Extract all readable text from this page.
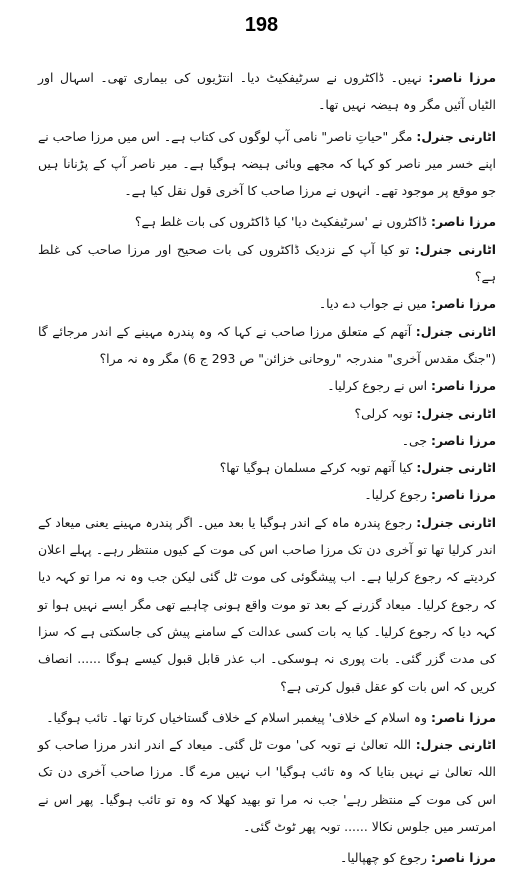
198

مرزا ناصر: نہیں۔ ڈاکٹروں نے سرٹیفکیٹ دیا۔ انتڑیوں کی بیماری تھی۔ اسہال اور الٹیاں آئیں مگر وہ ہیضہ نہیں تھا۔

اٹارنی جنرل: مگر "حیاتِ ناصر" نامی آپ لوگوں کی کتاب ہے۔ اس میں مرزا صاحب نے اپنے خسر میر ناصر کو کہا کہ مجھے وبائی ہیضہ ہوگیا ہے۔ میر ناصر آپ کے پڑنانا ہیں جو موقع پر موجود تھے۔ انہوں نے مرزا صاحب کا آخری قول نقل کیا ہے۔

مرزا ناصر: ڈاکٹروں نے 'سرٹیفکیٹ دیا' کیا ڈاکٹروں کی بات غلط ہے؟

اٹارنی جنرل: تو کیا آپ کے نزدیک ڈاکٹروں کی بات صحیح اور مرزا صاحب کی غلط ہے؟

مرزا ناصر: میں نے جواب دے دیا۔

اٹارنی جنرل: آتھم کے متعلق مرزا صاحب نے کہا کہ وہ پندرہ مہینے کے اندر مرجائے گا ("جنگ مقدس آخری" مندرجہ "روحانی خزائن" ص 293 ج 6) مگر وہ نہ مرا؟

مرزا ناصر: اس نے رجوع کرلیا۔

اٹارنی جنرل: توبہ کرلی؟

مرزا ناصر: جی۔

اٹارنی جنرل: کیا آتھم توبہ کرکے مسلمان ہوگیا تھا؟

مرزا ناصر: رجوع کرلیا۔

اٹارنی جنرل: رجوع پندرہ ماہ کے اندر ہوگیا یا بعد میں۔ اگر پندرہ مہینے یعنی میعاد کے اندر کرلیا تھا تو آخری دن تک مرزا صاحب اس کی موت کے کیوں منتظر رہے۔ پہلے اعلان کردیتے کہ رجوع کرلیا ہے۔ اب پیشگوئی کی موت ٹل گئی لیکن جب وہ نہ مرا تو کہہ دیا کہ رجوع کرلیا۔ میعاد گزرنے کے بعد تو موت واقع ہونی چاہیے تھی مگر ایسے نہیں ہوا تو کہہ دیا کہ رجوع کرلیا۔ کیا یہ بات کسی عدالت کے سامنے پیش کی جاسکتی ہے کہ سزا کی مدت گزر گئی۔ بات پوری نہ ہوسکی۔ اب عذر قابل قبول کیسے ہوگا ...... انصاف کریں کہ اس بات کو عقل قبول کرتی ہے؟

مرزا ناصر: وہ اسلام کے خلاف' پیغمبر اسلام کے خلاف گستاخیاں کرتا تھا۔ تائب ہوگیا۔

اٹارنی جنرل: اللہ تعالیٰ نے توبہ کی' موت ٹل گئی۔ میعاد کے اندر اندر مرزا صاحب کو اللہ تعالیٰ نے نہیں بتایا کہ وہ تائب ہوگیا' اب نہیں مرے گا۔ مرزا صاحب آخری دن تک اس کی موت کے منتظر رہے' جب نہ مرا تو بھید کھلا کہ وہ تو تائب ہوگیا۔ پھر اس نے امرتسر میں جلوس نکالا ...... توبہ پھر ٹوٹ گئی۔

مرزا ناصر: رجوع کو چھپالیا۔
